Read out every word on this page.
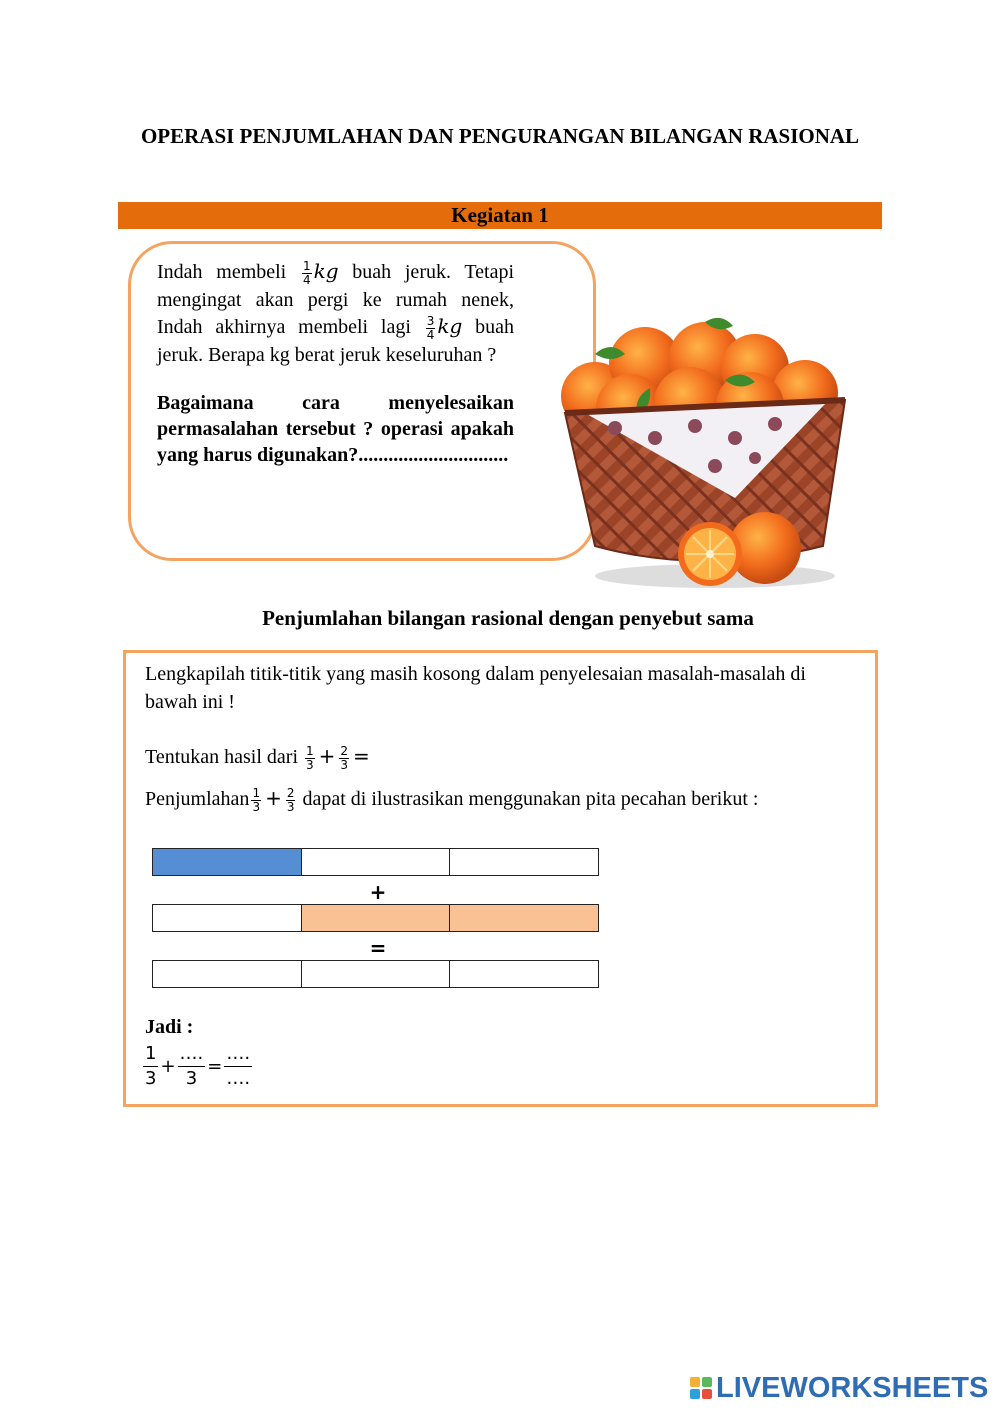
OPERASI PENJUMLAHAN DAN PENGURANGAN BILANGAN RASIONAL
Kegiatan 1

Indah membeli $\frac{1}{4}$ kg buah jeruk. Tetapi mengingat akan pergi ke rumah nenek, Indah akhirnya membeli lagi $\frac{3}{4}$ kg buah jeruk. Berapa kg berat jeruk keseluruhan ?

Bagaimana cara menyelesaikan permasalahan tersebut ? operasi apakah yang harus digunakan?..............................

Penjumlahan bilangan rasional dengan penyebut sama
Lengkapilah titik-titik yang masih kosong dalam penyelesaian masalah-masalah di bawah ini !
Tentukan hasil dari $\frac{1}{3} + \frac{2}{3}$ =
Penjumlahan $\frac{1}{3} + \frac{2}{3}$ dapat di ilustrasikan menggunakan pita pecahan berikut :
+
=
Jadi :
$\frac{1}{3} + \frac{\dots.}{3} = \frac{\dots.}{\dots.}$
LIVEWORKSHEETS
